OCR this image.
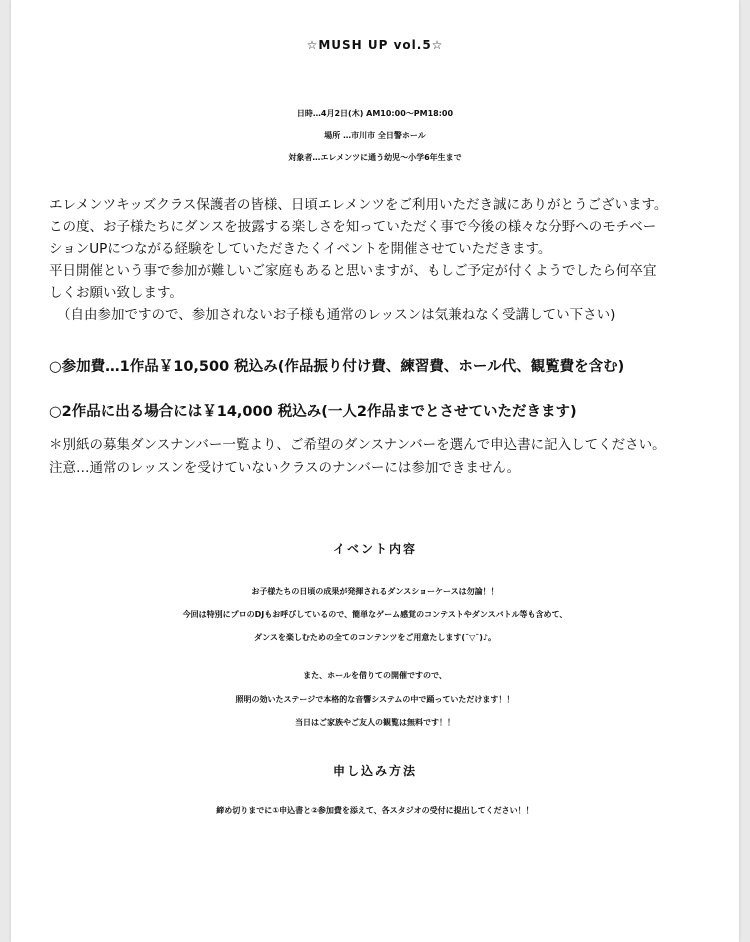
☆MUSH UP vol.5☆
日時…4月2日(木) AM10:00〜PM18:00
場所 …市川市 全日警ホール
対象者…エレメンツに通う幼児〜小学6年生まで
エレメンツキッズクラス保護者の皆様、日頃エレメンツをご利用いただき誠にありがとうございます。
この度、お子様たちにダンスを披露する楽しさを知っていただく事で今後の様々な分野へのモチベー
ションUPにつながる経験をしていただきたくイベントを開催させていただきます。
平日開催という事で参加が難しいご家庭もあると思いますが、もしご予定が付くようでしたら何卒宜
しくお願い致します。
（自由参加ですので、参加されないお子様も通常のレッスンは気兼ねなく受講してい下さい)
○参加費…1作品￥10,500 税込み(作品振り付け費、練習費、ホール代、観覧費を含む)
○2作品に出る場合には￥14,000 税込み(一人2作品までとさせていただきます)
＊別紙の募集ダンスナンバー一覧より、ご希望のダンスナンバーを選んで申込書に記入してください。
注意…通常のレッスンを受けていないクラスのナンバーには参加できません。
イベント内容
お子様たちの日頃の成果が発揮されるダンスショーケースは勿論！！
今回は特別にプロのDJもお呼びしているので、簡単なゲーム感覚のコンテストやダンスバトル等も含めて、
ダンスを楽しむための全てのコンテンツをご用意たします(¯▽¯)♪。
また、ホールを借りての開催ですので、
照明の効いたステージで本格的な音響システムの中で踊っていただけます！！
当日はご家族やご友人の観覧は無料です！！
申し込み方法
締め切りまでに①申込書と②参加費を添えて、各スタジオの受付に提出してください！！
